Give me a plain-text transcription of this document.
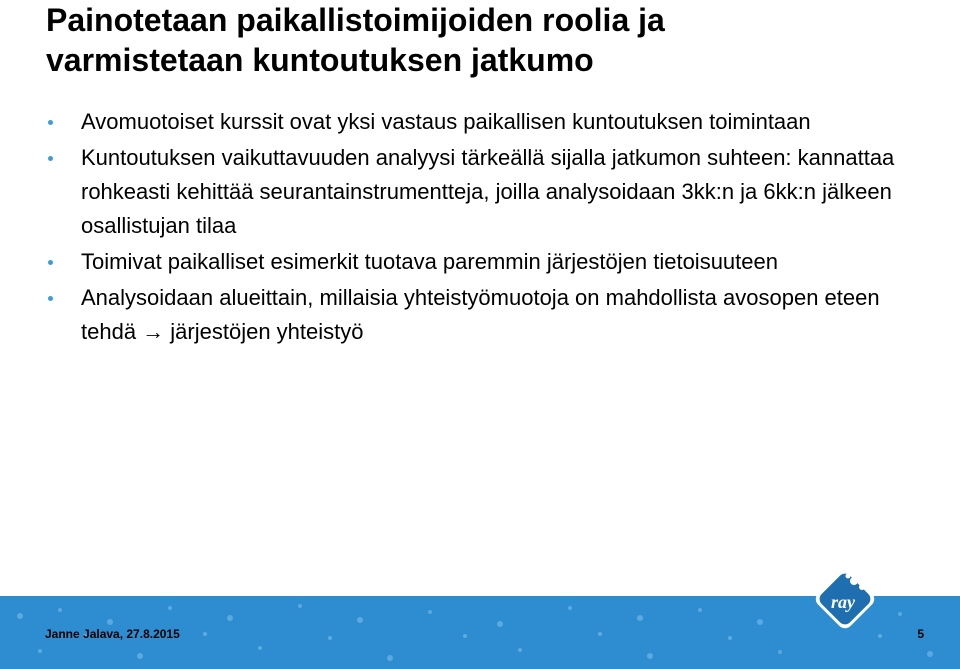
Painotetaan paikallistoimijoiden roolia ja
varmistetaan kuntoutuksen jatkumo
Avomuotoiset kurssit ovat yksi vastaus paikallisen kuntoutuksen toimintaan
Kuntoutuksen vaikuttavuuden analyysi tärkeällä sijalla jatkumon suhteen: kannattaa rohkeasti kehittää seurantainstrumentteja, joilla analysoidaan 3kk:n ja 6kk:n jälkeen osallistujan tilaa
Toimivat paikalliset esimerkit tuotava paremmin järjestöjen tietoisuuteen
Analysoidaan alueittain, millaisia yhteistyömuotoja on mahdollista avosopen eteen tehdä → järjestöjen yhteistyö
ray
Janne Jalava, 27.8.2015	5
